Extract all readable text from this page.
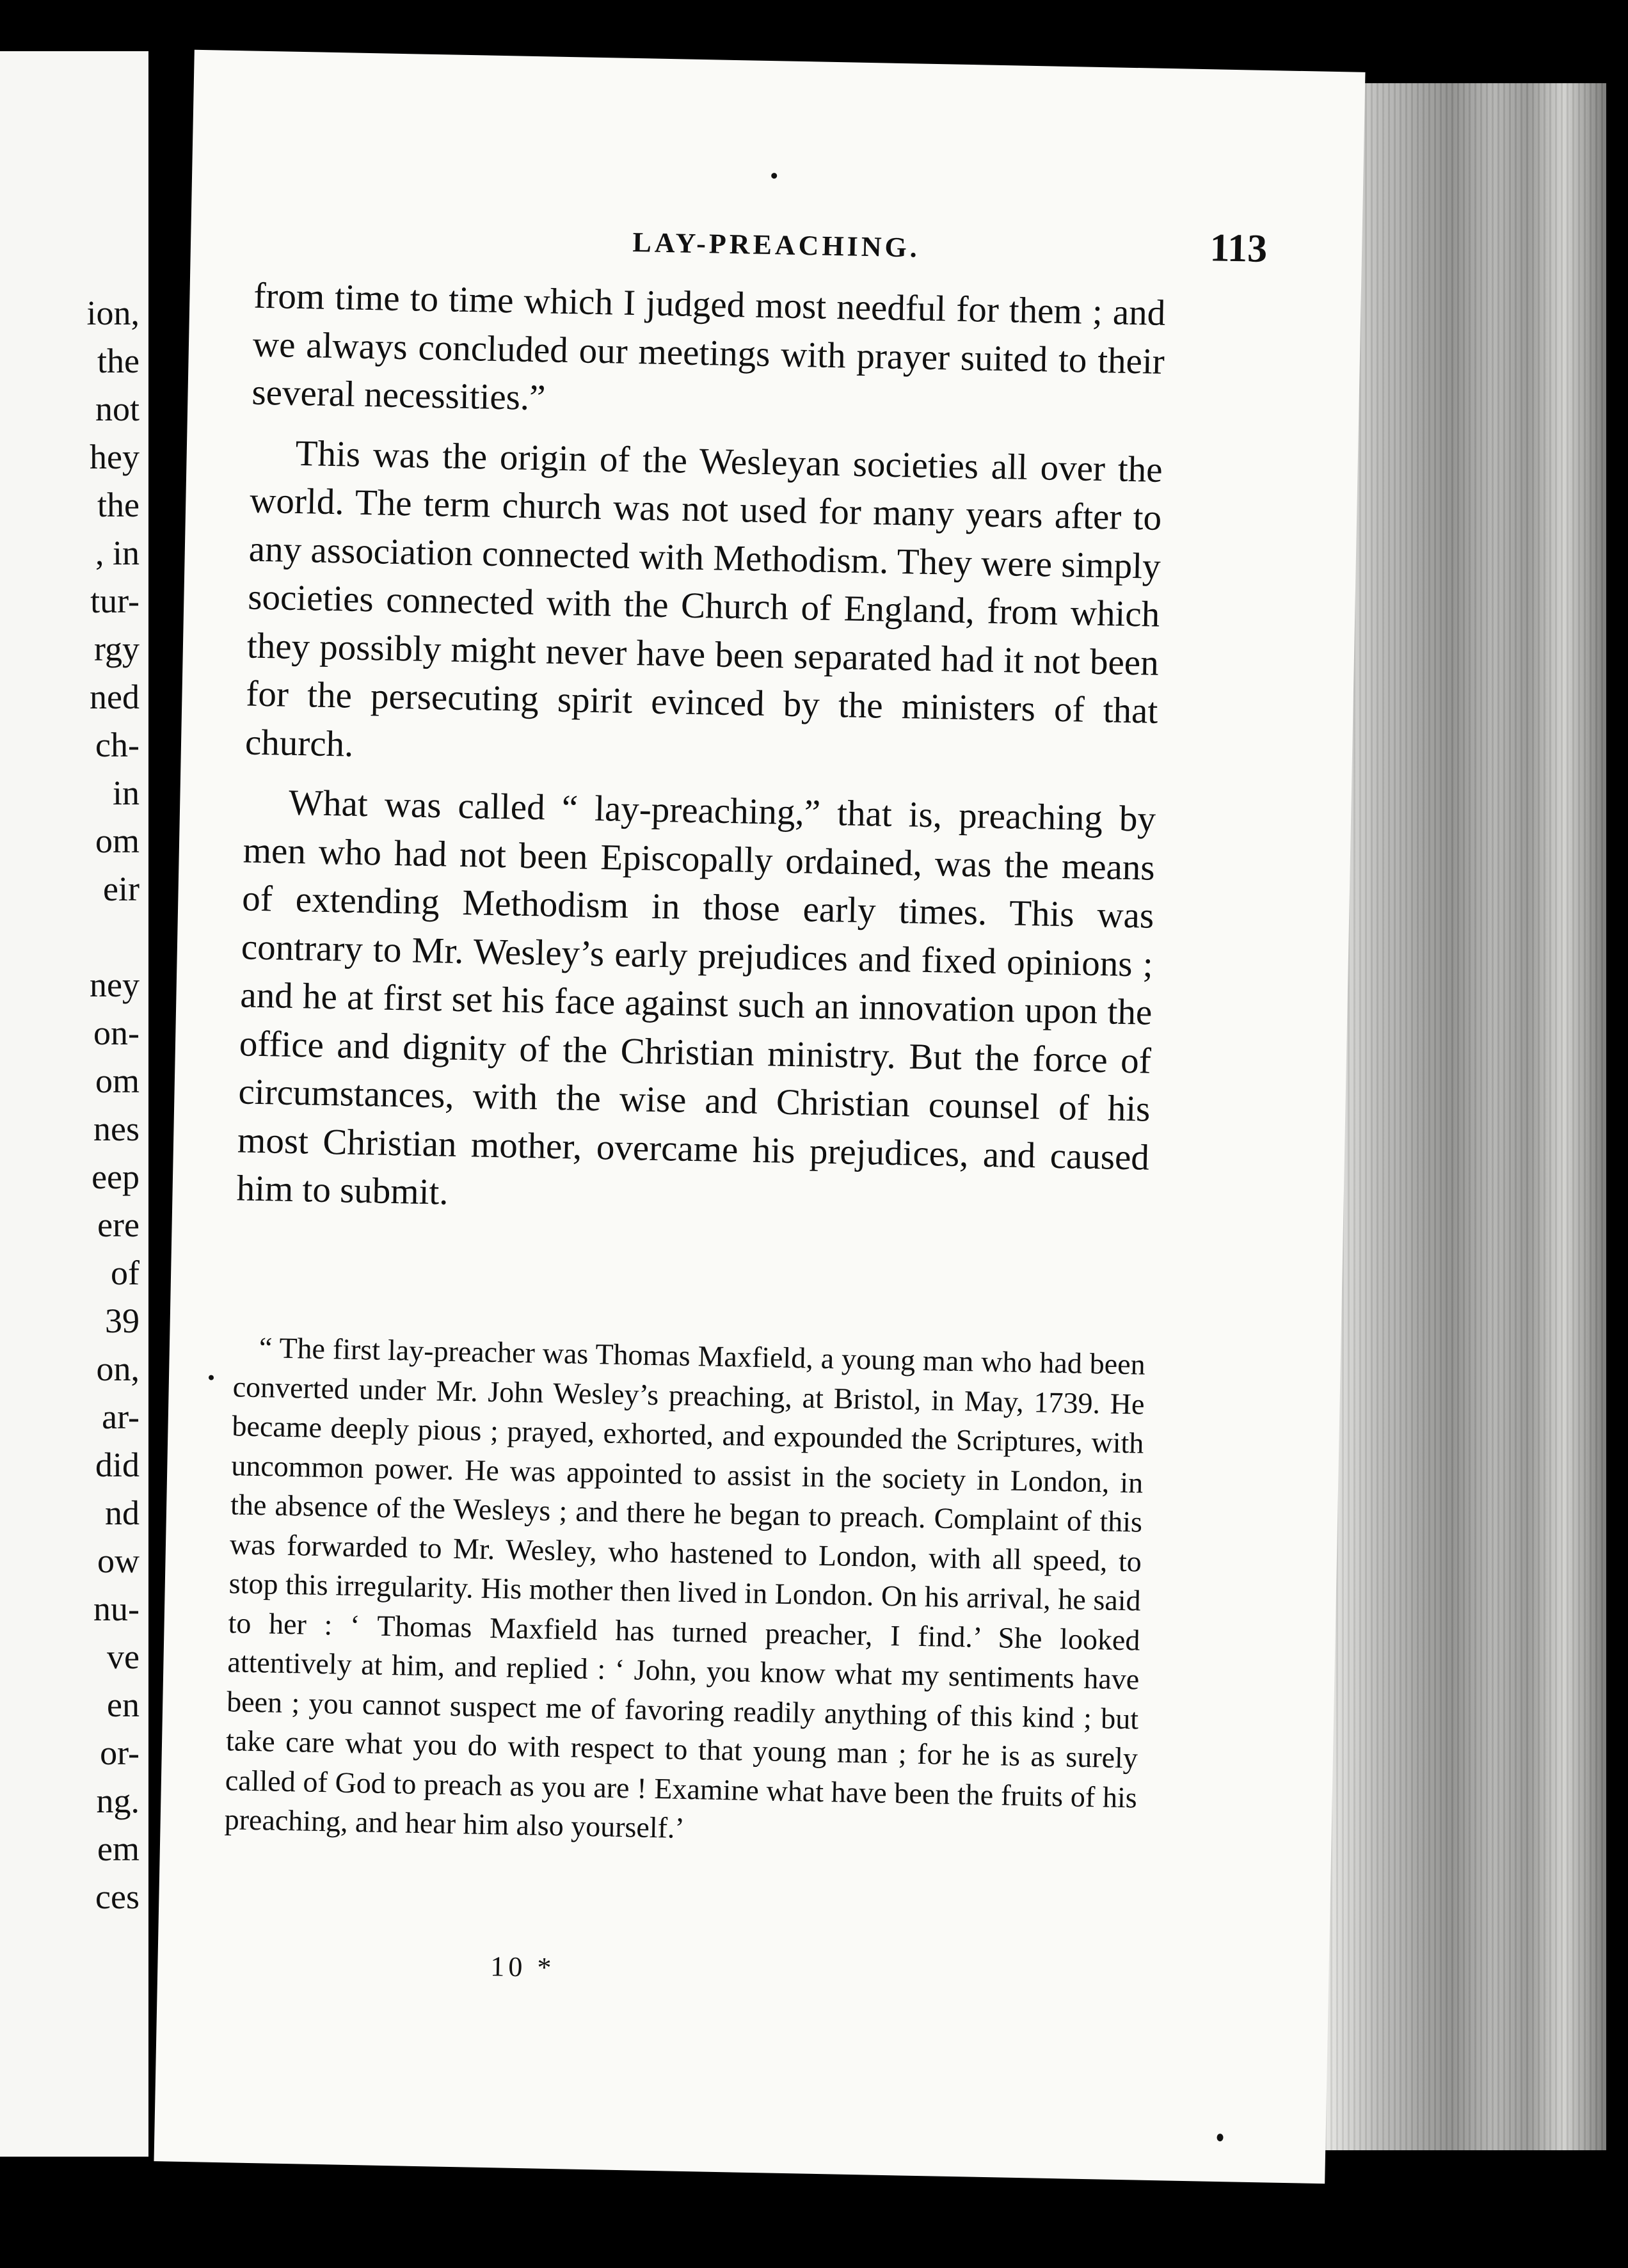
ion,
the
not
hey
the
, in
tur-
rgy
ned
ch-
in
om
eir
ney
on-
om
nes
eep
ere
of
39
on,
ar-
did
nd
ow
nu-
ve
en
or-
ng.
em
ces
LAY-PREACHING.	113

from time to time which I judged most needful for them ; and we always concluded our meetings with prayer suited to their several necessities.”

This was the origin of the Wesleyan societies all over the world. The term church was not used for many years after to any association connected with Methodism. They were simply societies connected with the Church of England, from which they possibly might never have been separated had it not been for the persecuting spirit evinced by the ministers of that church.

What was called “ lay-preaching,” that is, preaching by men who had not been Episcopally ordained, was the means of extending Methodism in those early times. This was contrary to Mr. Wesley’s early prejudices and fixed opinions ; and he at first set his face against such an innovation upon the office and dignity of the Christian ministry. But the force of circumstances, with the wise and Christian counsel of his most Christian mother, overcame his prejudices, and caused him to submit.

“ The first lay-preacher was Thomas Maxfield, a young man who had been converted under Mr. John Wesley’s preaching, at Bristol, in May, 1739. He became deeply pious ; prayed, exhorted, and expounded the Scriptures, with uncommon power. He was appointed to assist in the society in London, in the absence of the Wesleys ; and there he began to preach. Complaint of this was forwarded to Mr. Wesley, who hastened to London, with all speed, to stop this irregularity. His mother then lived in London. On his arrival, he said to her : ‘ Thomas Maxfield has turned preacher, I find.’ She looked attentively at him, and replied : ‘ John, you know what my sentiments have been ; you cannot suspect me of favoring readily anything of this kind ; but take care what you do with respect to that young man ; for he is as surely called of God to preach as you are ! Examine what have been the fruits of his preaching, and hear him also yourself.’

10 *
